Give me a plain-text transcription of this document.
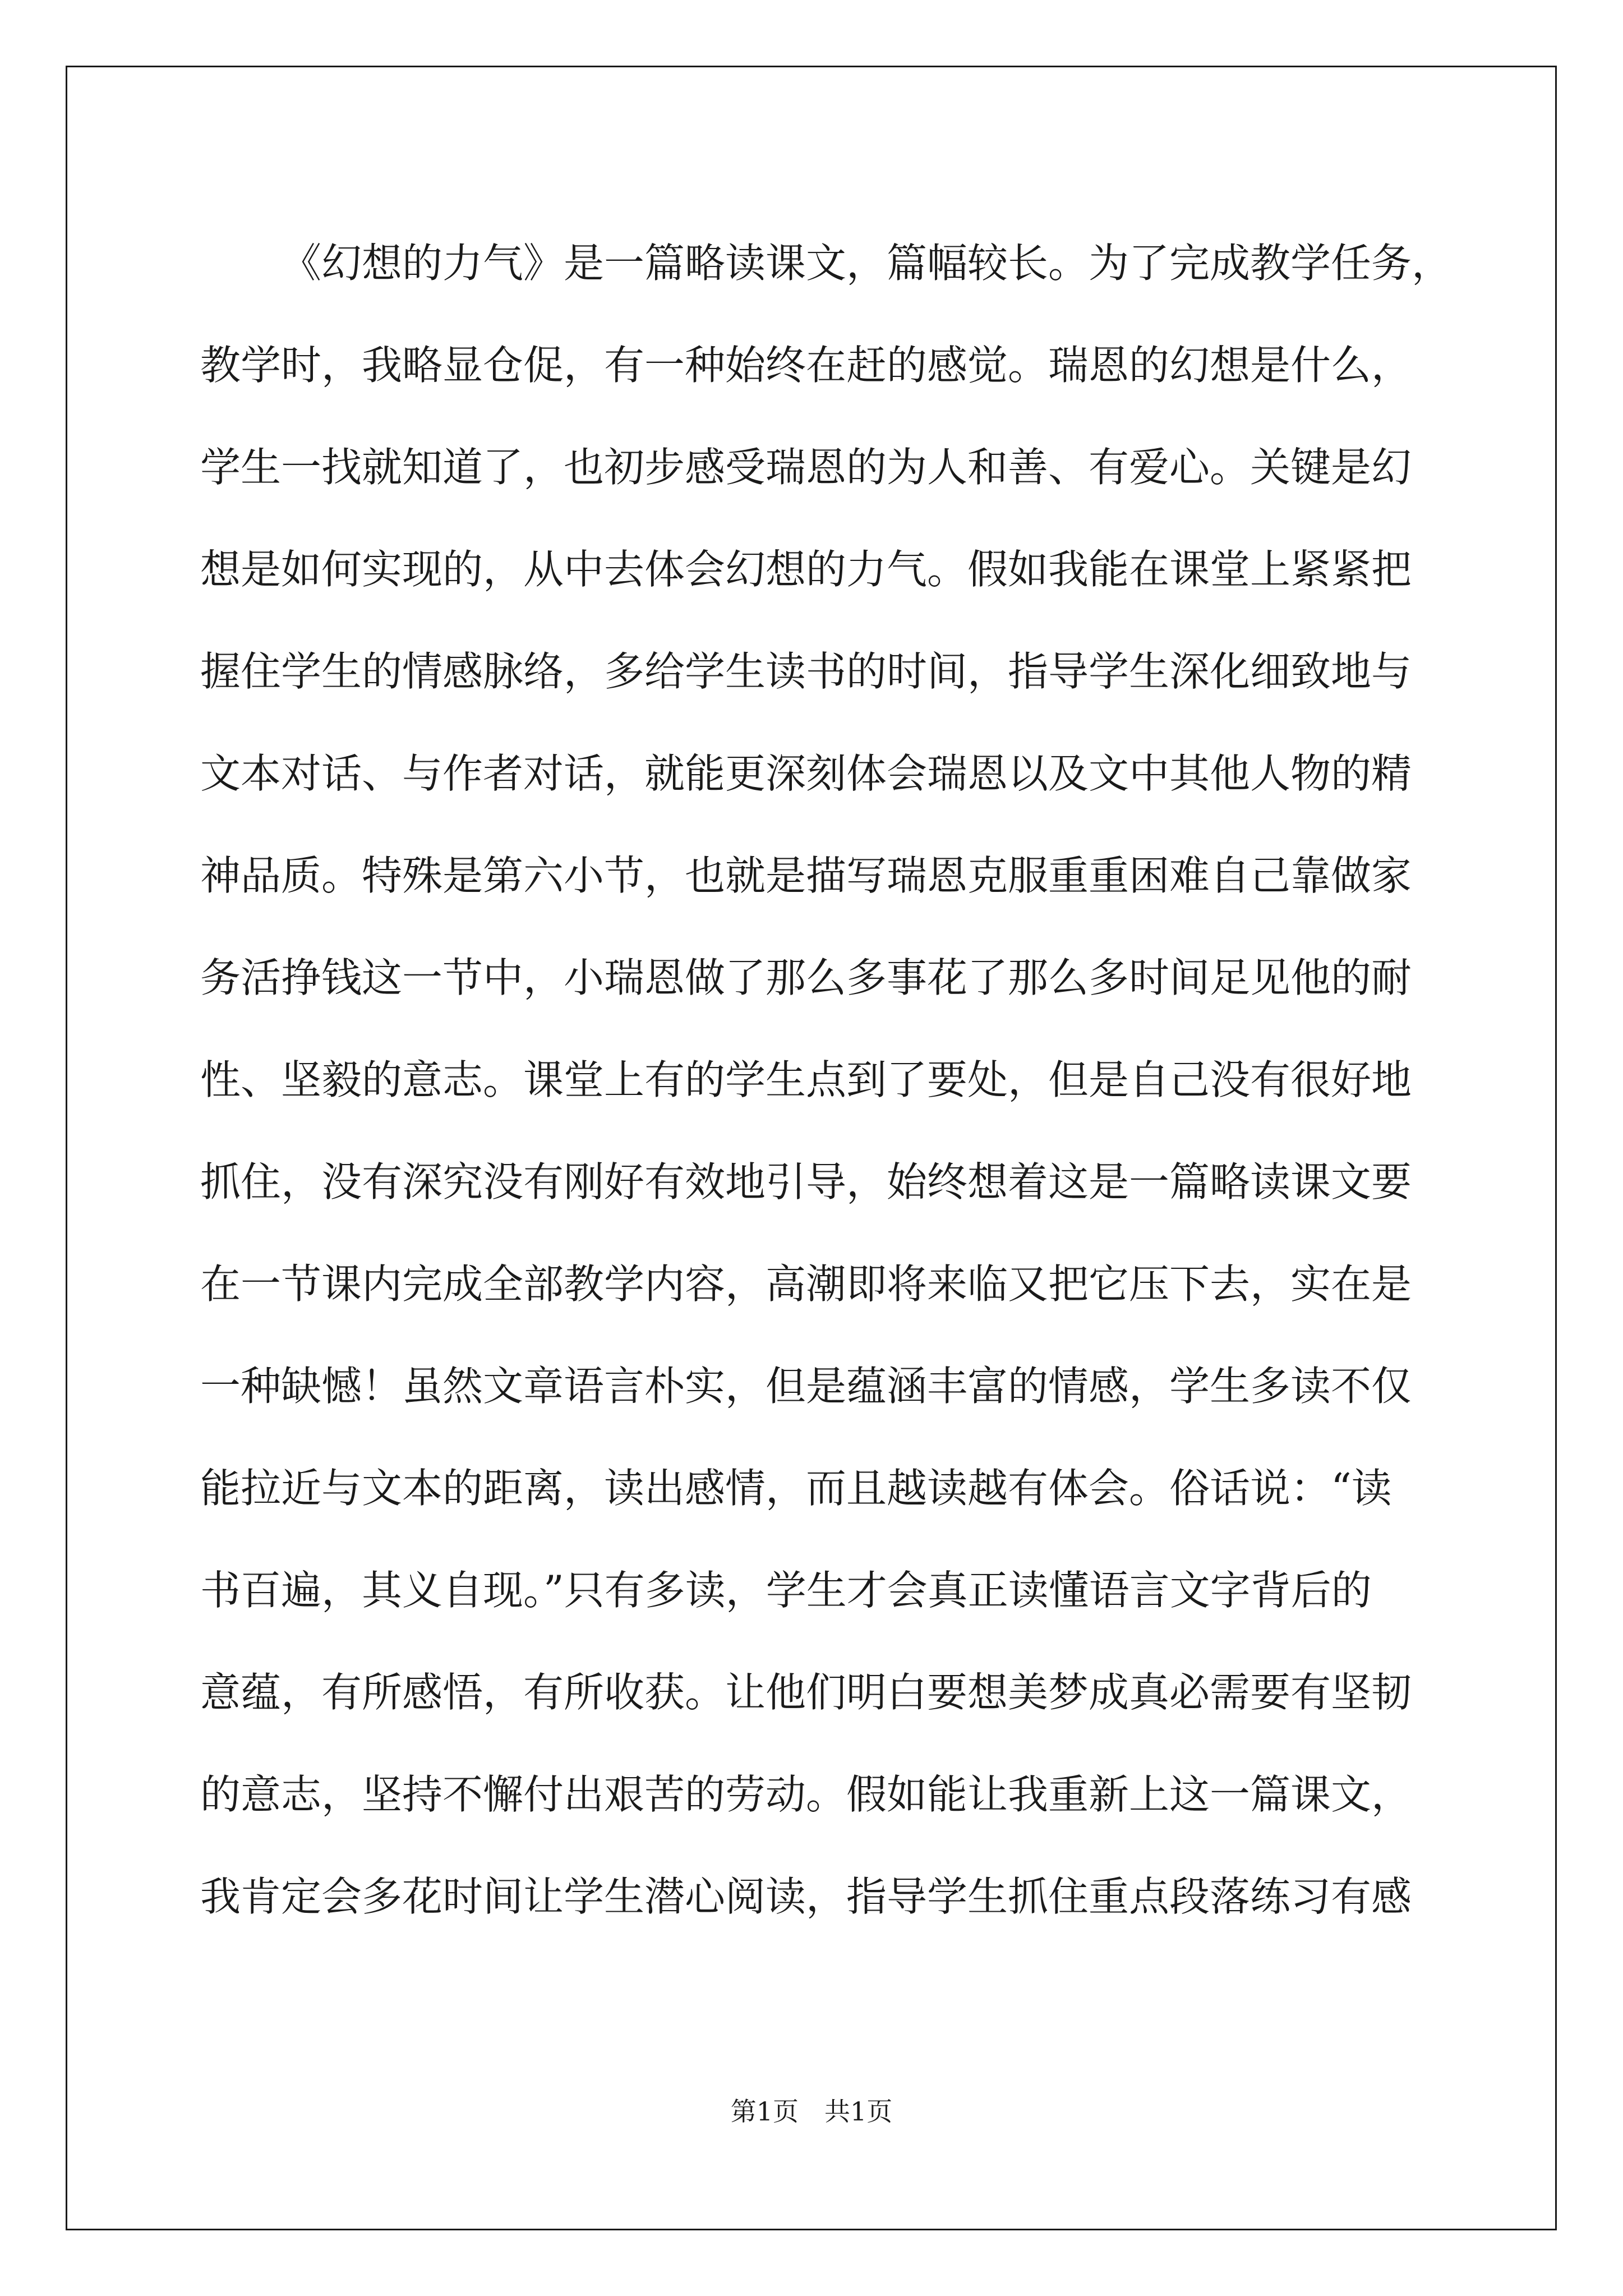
《幻想的力气》是一篇略读课文，篇幅较长。为了完成教学任务，
教学时，我略显仓促，有一种始终在赶的感觉。瑞恩的幻想是什么，
学生一找就知道了，也初步感受瑞恩的为人和善、有爱心。关键是幻
想是如何实现的，从中去体会幻想的力气。假如我能在课堂上紧紧把
握住学生的情感脉络，多给学生读书的时间，指导学生深化细致地与
文本对话、与作者对话，就能更深刻体会瑞恩以及文中其他人物的精
神品质。特殊是第六小节，也就是描写瑞恩克服重重困难自己靠做家
务活挣钱这一节中，小瑞恩做了那么多事花了那么多时间足见他的耐
性、坚毅的意志。课堂上有的学生点到了要处，但是自己没有很好地
抓住，没有深究没有刚好有效地引导，始终想着这是一篇略读课文要
在一节课内完成全部教学内容，高潮即将来临又把它压下去，实在是
一种缺憾！虽然文章语言朴实，但是蕴涵丰富的情感，学生多读不仅
能拉近与文本的距离，读出感情，而且越读越有体会。俗话说：“读
书百遍，其义自现。”只有多读，学生才会真正读懂语言文字背后的
意蕴，有所感悟，有所收获。让他们明白要想美梦成真必需要有坚韧
的意志，坚持不懈付出艰苦的劳动。假如能让我重新上这一篇课文，
我肯定会多花时间让学生潜心阅读，指导学生抓住重点段落练习有感
第1页　共1页
